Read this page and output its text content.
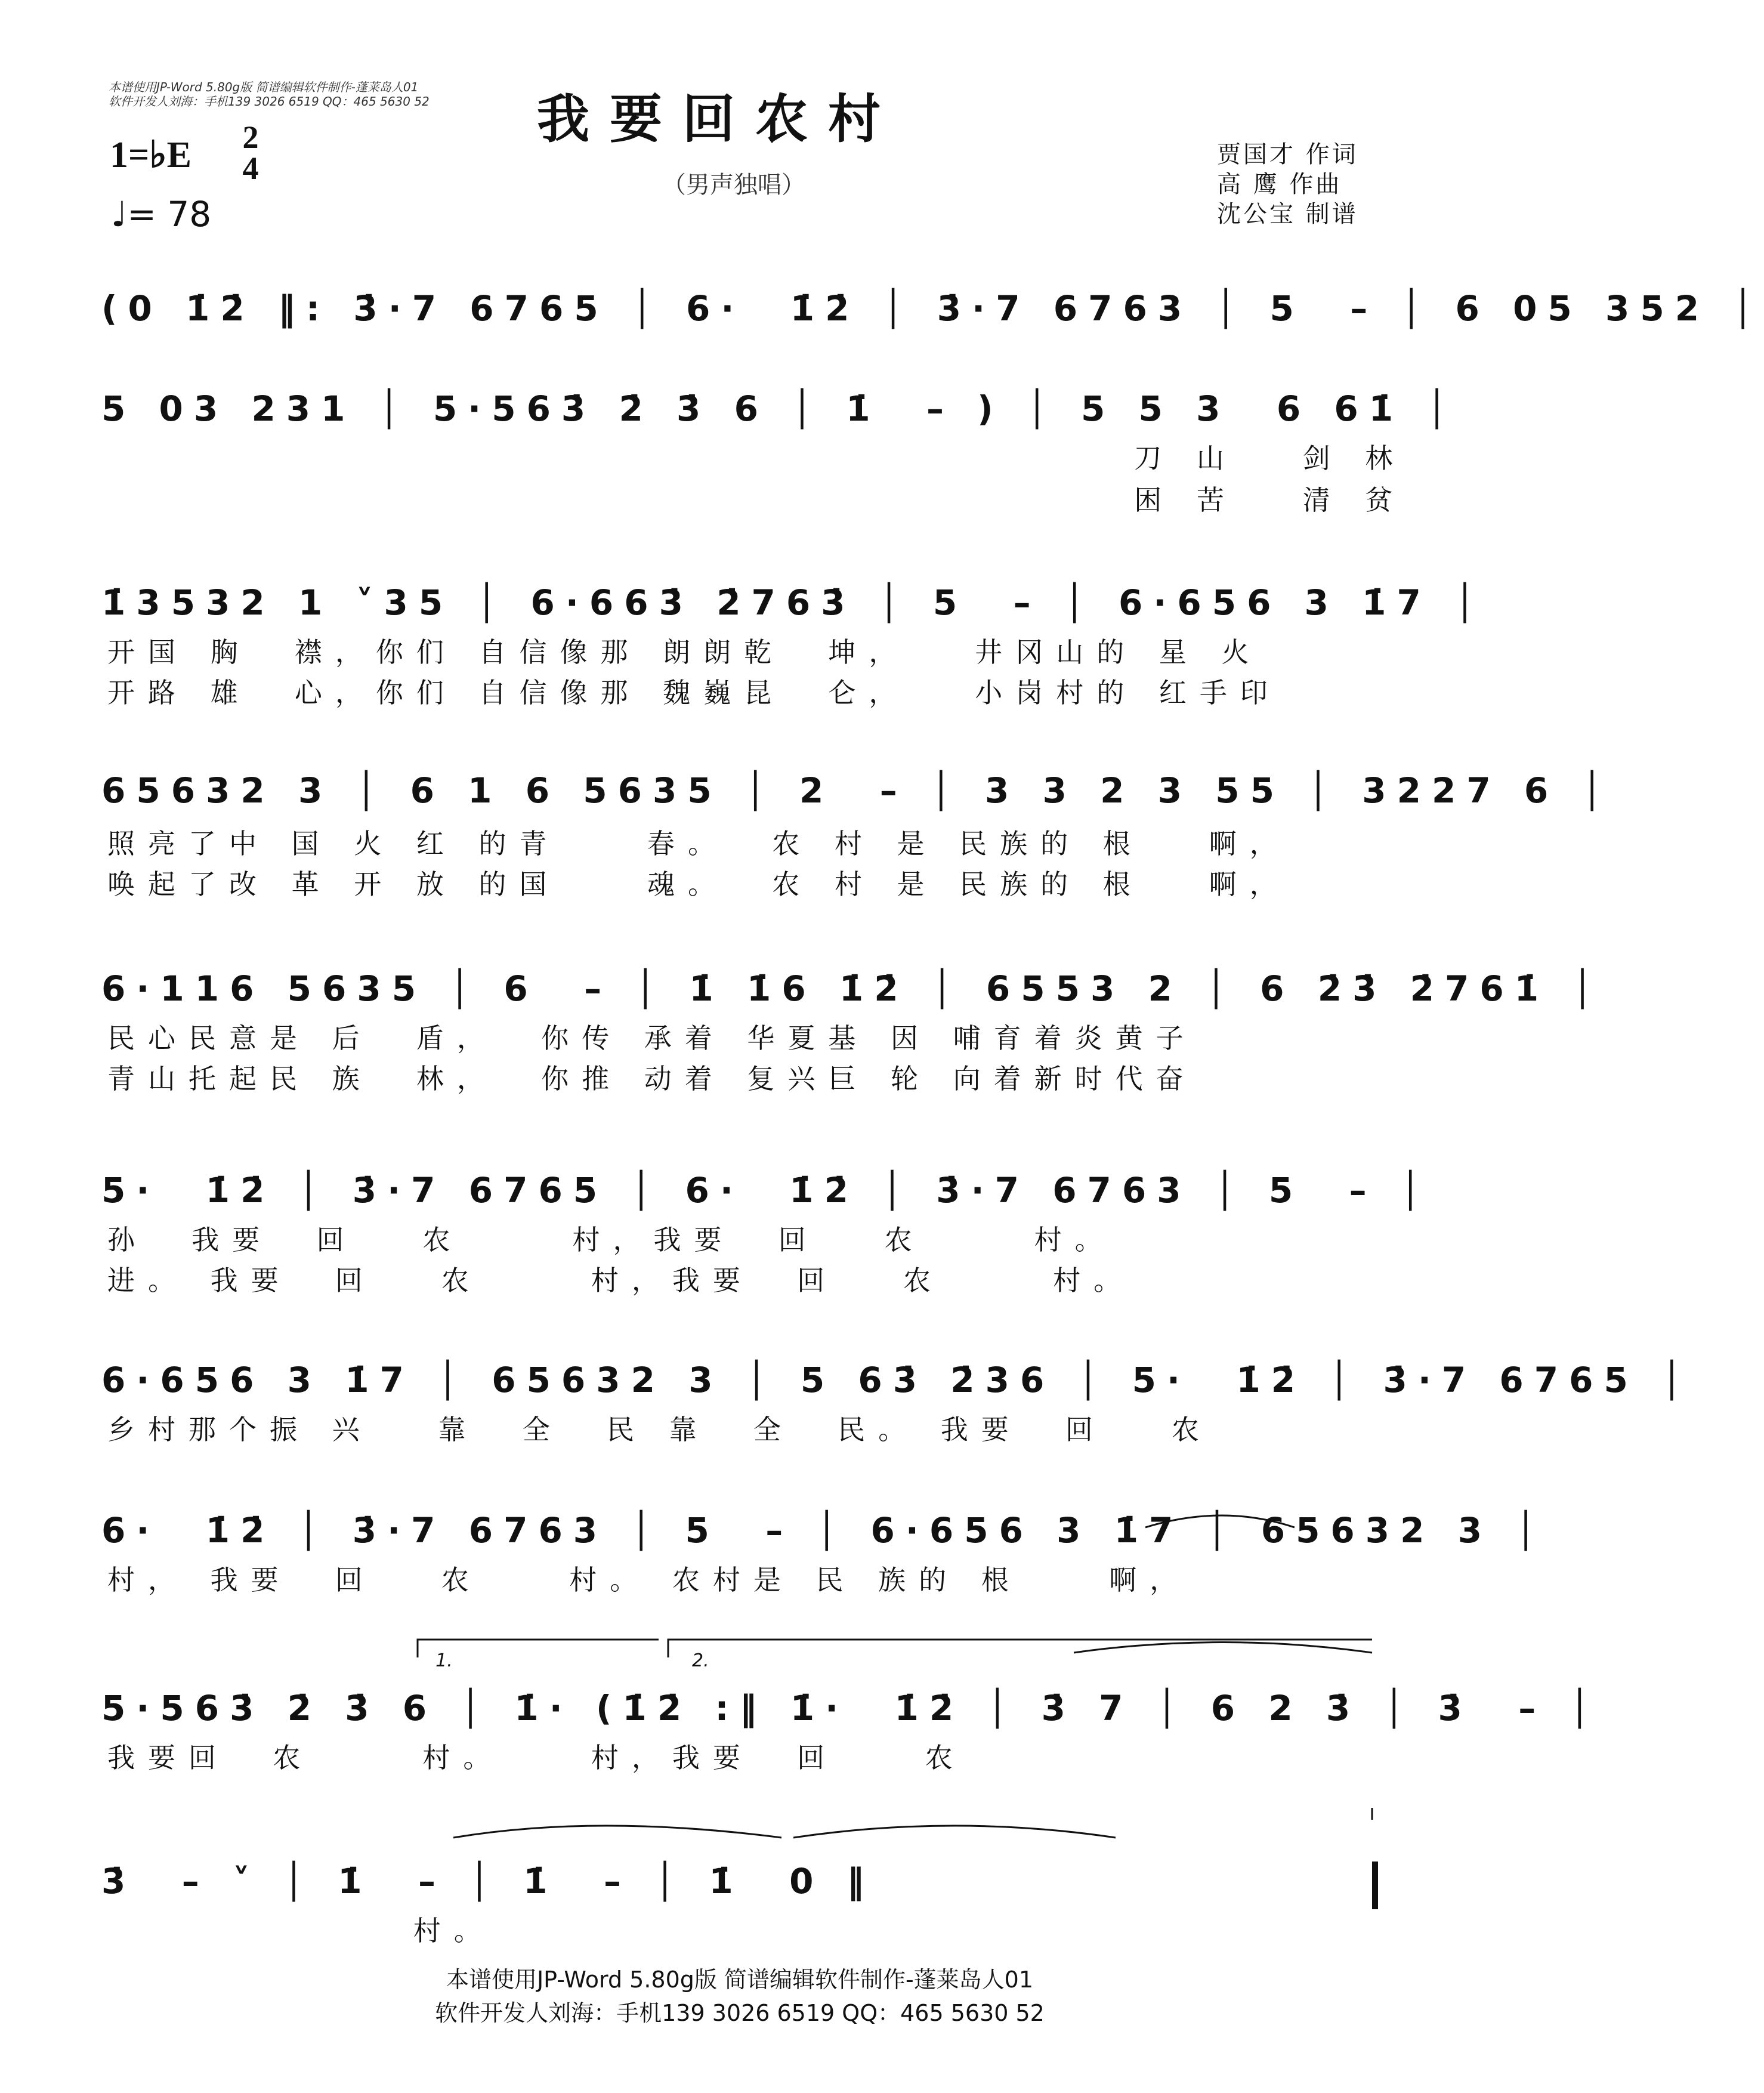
本谱使用JP-Word 5.80g版 简谱编辑软件制作-蓬莱岛人01
软件开发人刘海：手机139 3026 6519 QQ：465 5630 52	我要回农村
（男声独唱）
1=♭E 2
4
♩= 78
贾国才 作词
高 鹰 作曲
沈公宝 制谱
(0 1̇2̇ ‖: 3̇·7 6765 │ 6·  1̇2̇ │ 3̇·7 6763 │ 5  – │ 6 05 352 │
5 03 231 │ 5·563̇ 2̇ 3̇ 6 │ 1̇  – ) │ 5 5 3  6 61̇ │
刀 山   剑 林
困 苦   清 贫
1̇3532 1 ˅35 │ 6·663̇ 2̇763̇ │ 5  – │ 6·656 3 1̇7 │
开国 胸  襟，你们 自信像那 朗朗乾  坤，   井冈山的 星 火
开路 雄  心，你们 自信像那 魏巍昆  仑，   小岗村的 红手印
65632 3 │ 6 1 6 5635 │ 2  – │ 3 3 2 3 55 │ 3227 6 │
照亮了中 国 火 红 的青    春。  农 村 是 民族的 根   啊，
唤起了改 革 开 放 的国    魂。  农 村 是 民族的 根   啊，
6·116 5635 │ 6  – │ 1̇ 1̇6 1̇2̇ │ 6553 2 │ 6 2̇3̇ 2̇761̇ │
民心民意是 后  盾，  你传 承着 华夏基 因 哺育着炎黄子
青山托起民 族  林，  你推 动着 复兴巨 轮 向着新时代奋
5·  1̇2̇ │ 3̇·7 6765 │ 6·  1̇2̇ │ 3̇·7 6763 │ 5  – │
孙  我要  回   农     村，我要  回   农     村。
进。 我要  回   农     村，我要  回   农     村。
6·656 3 1̇7 │ 65632 3 │ 5 63̇ 2̇36 │ 5·  1̇2̇ │ 3̇·7 6765 │
乡村那个振 兴   靠  全  民 靠  全  民。 我要  回   农
6·  1̇2̇ │ 3̇·7 6763 │ 5  – │ 6·656 3 1̇7 │ 65632 3 │
村， 我要  回   农    村。 农村是 民 族的 根    啊，
1.	2.
5·563̇ 2̇ 3̇ 6 │ 1̇· (1̇2̇ :‖ 1̇·  1̇2̇ │ 3̇ 7 │ 6 2 3̇ │ 3̇  – │
我要回  农     村。    村，我要  回    农
3̇  – ˅ │ 1̇  – │ 1̇  – │ 1̇  0 ‖
村。
本谱使用JP-Word 5.80g版 简谱编辑软件制作-蓬莱岛人01
软件开发人刘海：手机139 3026 6519 QQ：465 5630 52
